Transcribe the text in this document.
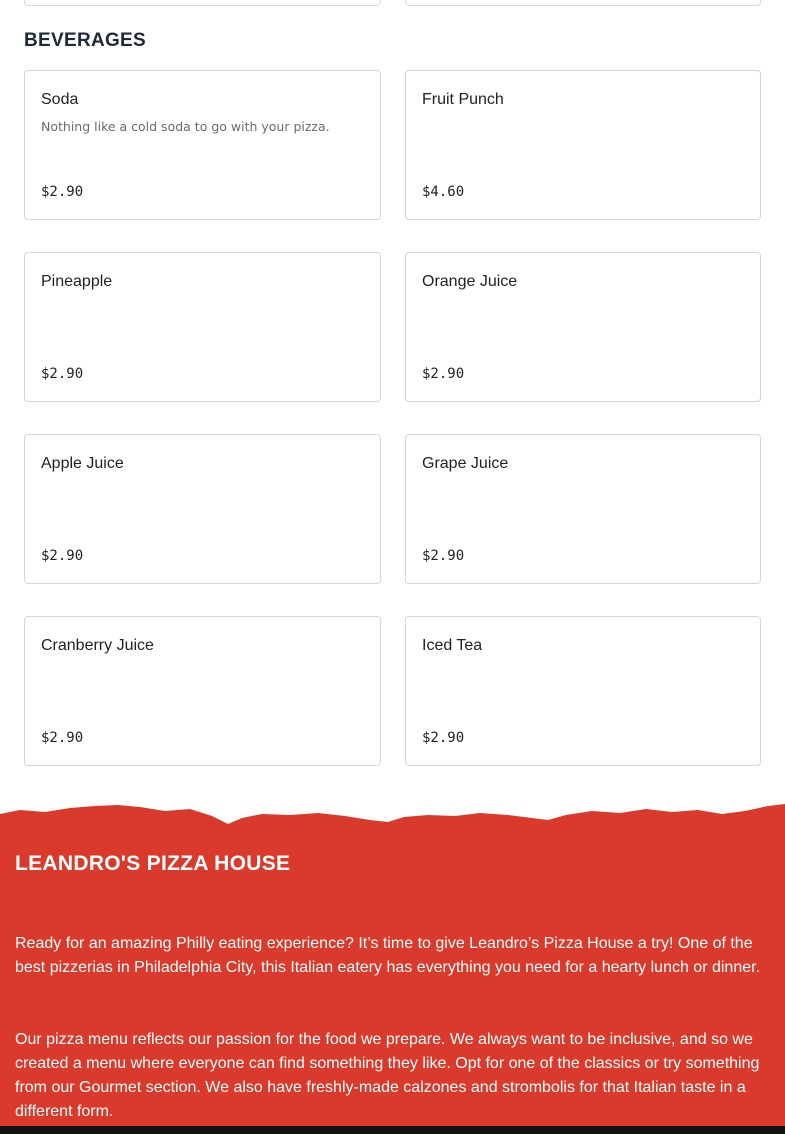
BEVERAGES
Soda
Nothing like a cold soda to go with your pizza.
$2.90
Fruit Punch
$4.60
Pineapple
$2.90
Orange Juice
$2.90
Apple Juice
$2.90
Grape Juice
$2.90
Cranberry Juice
$2.90
Iced Tea
$2.90
LEANDRO'S PIZZA HOUSE

Ready for an amazing Philly eating experience? It’s time to give Leandro’s Pizza House a try! One of the best pizzerias in Philadelphia City, this Italian eatery has everything you need for a hearty lunch or dinner.

Our pizza menu reflects our passion for the food we prepare. We always want to be inclusive, and so we created a menu where everyone can find something they like. Opt for one of the classics or try something from our Gourmet section. We also have freshly-made calzones and strombolis for that Italian taste in a different form.
